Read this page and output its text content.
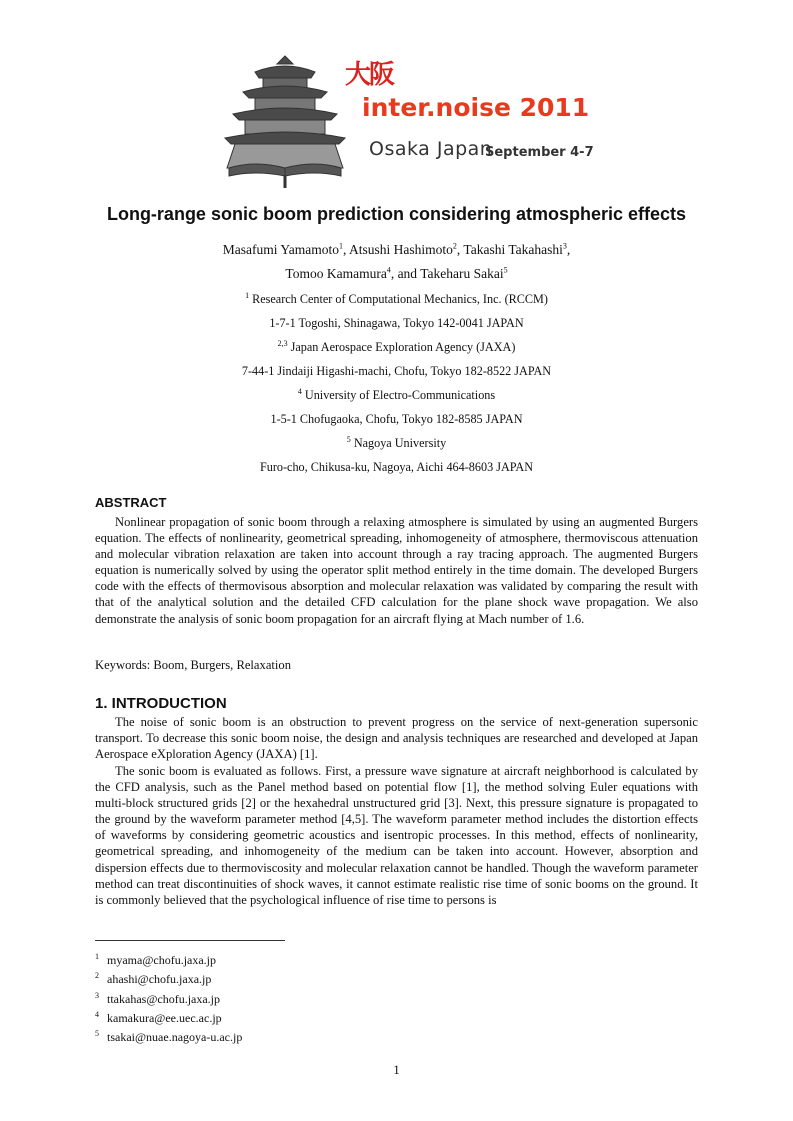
大阪
inter.noise 2011
Osaka Japan
September 4-7
Long-range sonic boom prediction considering atmospheric effects
Masafumi Yamamoto$^1$, Atsushi Hashimoto$^2$, Takashi Takahashi$^3$,
Tomoo Kamamura$^4$, and Takeharu Sakai$^5$
$^1$ Research Center of Computational Mechanics, Inc. (RCCM)
1-7-1 Togoshi, Shinagawa, Tokyo 142-0041 JAPAN
$^{2,3}$ Japan Aerospace Exploration Agency (JAXA)
7-44-1 Jindaiji Higashi-machi, Chofu, Tokyo 182-8522 JAPAN
$^4$ University of Electro-Communications
1-5-1 Chofugaoka, Chofu, Tokyo 182-8585 JAPAN
$^5$ Nagoya University
Furo-cho, Chikusa-ku, Nagoya, Aichi 464-8603 JAPAN
ABSTRACT

Nonlinear propagation of sonic boom through a relaxing atmosphere is simulated by using an augmented Burgers equation. The effects of nonlinearity, geometrical spreading, inhomogeneity of atmosphere, thermoviscous attenuation and molecular vibration relaxation are taken into account through a ray tracing approach. The augmented Burgers equation is numerically solved by using the operator split method entirely in the time domain. The developed Burgers code with the effects of thermovisous absorption and molecular relaxation was validated by comparing the result with that of the analytical solution and the detailed CFD calculation for the plane shock wave propagation. We also demonstrate the analysis of sonic boom propagation for an aircraft flying at Mach number of 1.6.

Keywords: Boom, Burgers, Relaxation
1. INTRODUCTION

The noise of sonic boom is an obstruction to prevent progress on the service of next-generation supersonic transport. To decrease this sonic boom noise, the design and analysis techniques are researched and developed at Japan Aerospace eXploration Agency (JAXA) [1].

The sonic boom is evaluated as follows. First, a pressure wave signature at aircraft neighborhood is calculated by the CFD analysis, such as the Panel method based on potential flow [1], the method solving Euler equations with multi-block structured grids [2] or the hexahedral unstructured grid [3]. Next, this pressure signature is propagated to the ground by the waveform parameter method [4,5]. The waveform parameter method includes the distortion effects of waveforms by considering geometric acoustics and isentropic processes. In this method, effects of nonlinearity, geometrical spreading, and inhomogeneity of the medium can be taken into account. However, absorption and dispersion effects due to thermoviscosity and molecular relaxation cannot be handled. Though the waveform parameter method can treat discontinuities of shock waves, it cannot estimate realistic rise time of sonic booms on the ground. It is commonly believed that the psychological influence of rise time to persons is

$^1$ myama@chofu.jaxa.jp
$^2$ ahashi@chofu.jaxa.jp
$^3$ ttakahas@chofu.jaxa.jp
$^4$ kamakura@ee.uec.ac.jp
$^5$ tsakai@nuae.nagoya-u.ac.jp
1
